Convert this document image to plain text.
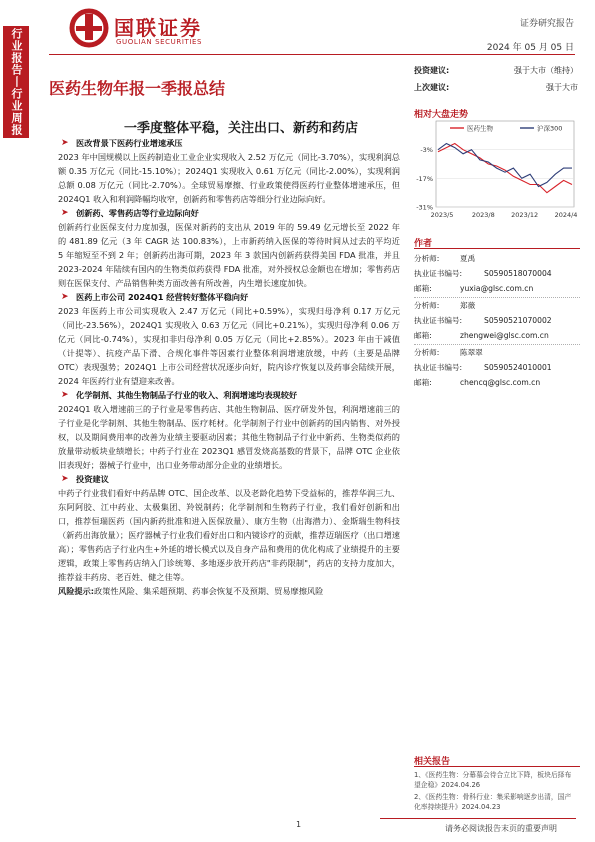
行业报告丨行业周报	国联证券
GUOLIAN SECURITIES
证券研究报告
2024 年 05 月 05 日
医药生物年报一季报总结
一季度整体平稳，关注出口、新药和药店
➤ 医改背景下医药行业增速承压

2023 年中国规模以上医药制造业工业企业实现收入 2.52 万亿元（同比-3.70%），实现利润总额 0.35 万亿元（同比-15.10%）；2024Q1 实现收入 0.61 万亿元（同比-2.00%），实现利润总额 0.08 万亿元（同比-2.70%）。全球贸易摩擦、行业政策使得医药行业整体增速承压，但 2024Q1 收入和利润降幅均收窄，创新药和零售药店等细分行业边际向好。

➤ 创新药、零售药店等行业边际向好

创新药行业医保支付力度加强，医保对新药的支出从 2019 年的 59.49 亿元增长至 2022 年的 481.89 亿元（3 年 CAGR 达 100.83%），上市新药纳入医保的等待时间从过去的平均近 5 年缩短至不到 2 年；创新药出海可期，2023 年 3 款国内创新药获得美国 FDA 批准，并且 2023-2024 年陆续有国内的生物类似药获得 FDA 批准，对外授权总金额也在增加；零售药店则在医保支付、产品销售种类方面改善有所改善，内生增长速度加快。

➤ 医药上市公司 2024Q1 经营转好整体平稳向好

2023 年医药上市公司实现收入 2.47 万亿元（同比+0.59%），实现归母净利 0.17 万亿元（同比-23.56%），2024Q1 实现收入 0.63 万亿元（同比+0.21%），实现归母净利 0.06 万亿元（同比-0.74%），实现扣非归母净利 0.05 万亿元（同比+2.85%）。2023 年由于减值（计提等）、抗疫产品下滑、合规化事件等因素行业整体利润增速放缓，中药（主要是品牌 OTC）表现强势；2024Q1 上市公司经营状况逐步向好，院内诊疗恢复以及药事会陆续开展，2024 年医药行业有望迎来改善。

➤ 化学制剂、其他生物制品子行业的收入、利润增速均表现较好

2024Q1 收入增速前三的子行业是零售药店、其他生物制品、医疗研发外包，利润增速前三的子行业是化学制剂、其他生物制品、医疗耗材。化学制剂子行业中创新药的国内销售、对外授权，以及期间费用率的改善为业绩主要驱动因素；其他生物制品子行业中新药、生物类似药的放量带动板块业绩增长；中药子行业在 2023Q1 感冒发烧高基数的背景下，品牌 OTC 企业依旧表现好；器械子行业中，出口业务带动部分企业的业绩增长。

➤ 投资建议

中药子行业我们看好中药品牌 OTC、国企改革、以及老龄化趋势下受益标的，推荐华润三九、东阿阿胶、江中药业、太极集团、羚锐制药；化学制剂和生物药子行业，我们看好创新和出口，推荐恒瑞医药（国内新药批准和进入医保放量）、康方生物（出海潜力）、金斯瑞生物科技（新药出海放量）；医疗器械子行业我们看好出口和内镜诊疗的贡献，推荐迈瑞医疗（出口增速高）；零售药店子行业内生+外延的增长模式以及自身产品和费用的优化构成了业绩提升的主要逻辑，政策上零售药店纳入门诊统筹、多地逐步放开药店"非药限制"，药店的支持力度加大，推荐益丰药房、老百姓、健之佳等。

风险提示:政策性风险、集采超预期、药事会恢复不及预期、贸易摩擦风险

投资建议:	强于大市（维持）
上次建议:	强于大市
相对大盘走势
-3%
-17%
-31%
2023/5	2023/8	2023/12	2024/4
医药生物	沪深300
作者
分析师:	夏禹
执业证书编号:	S0590518070004
邮箱:	yuxia@glsc.com.cn
分析师:	郑薇
执业证书编号:	S0590521070002
邮箱:	zhengwei@glsc.com.cn
分析师:	陈翠翠
执业证书编号:	S0590524010001
邮箱:	chencq@glsc.com.cn
相关报告
1、《医药生物：分幕慕会待合立比下降，板块后择布望企稳》2024.04.26
2、《医药生物：骨科行业：集采影响逐步出清，国产化率持续提升》2024.04.23
1	请务必阅读报告末页的重要声明
